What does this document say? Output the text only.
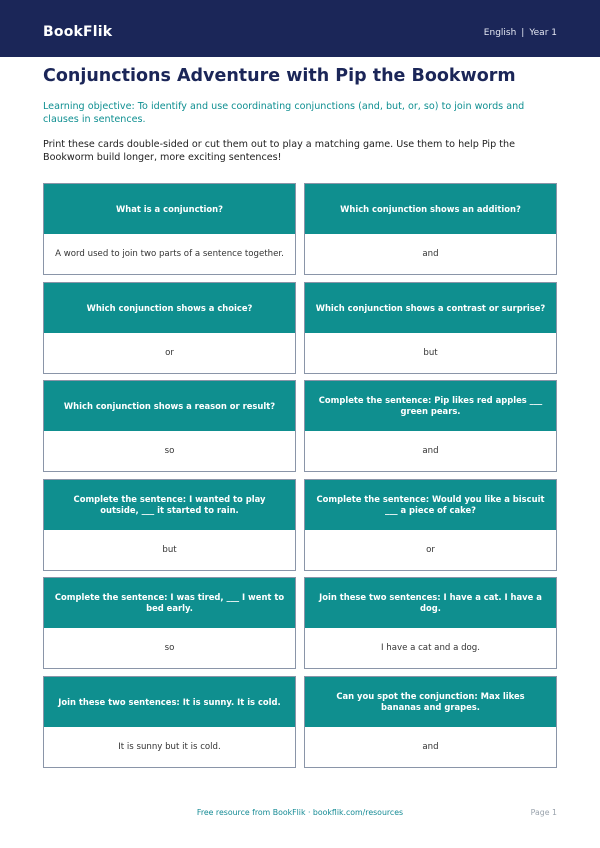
BookFlik	English | Year 1
Conjunctions Adventure with Pip the Bookworm

Learning objective: To identify and use coordinating conjunctions (and, but, or, so) to join words and clauses in sentences.

Print these cards double-sided or cut them out to play a matching game. Use them to help Pip the Bookworm build longer, more exciting sentences!

What is a conjunction?
A word used to join two parts of a sentence together.
Which conjunction shows an addition?
and
Which conjunction shows a choice?
or
Which conjunction shows a contrast or surprise?
but
Which conjunction shows a reason or result?
so
Complete the sentence: Pip likes red apples ___ green pears.
and
Complete the sentence: I wanted to play outside, ___ it started to rain.
but
Complete the sentence: Would you like a biscuit ___ a piece of cake?
or
Complete the sentence: I was tired, ___ I went to bed early.
so
Join these two sentences: I have a cat. I have a dog.
I have a cat and a dog.
Join these two sentences: It is sunny. It is cold.
It is sunny but it is cold.
Can you spot the conjunction: Max likes bananas and grapes.
and
Free resource from BookFlik · bookflik.com/resources	Page 1
